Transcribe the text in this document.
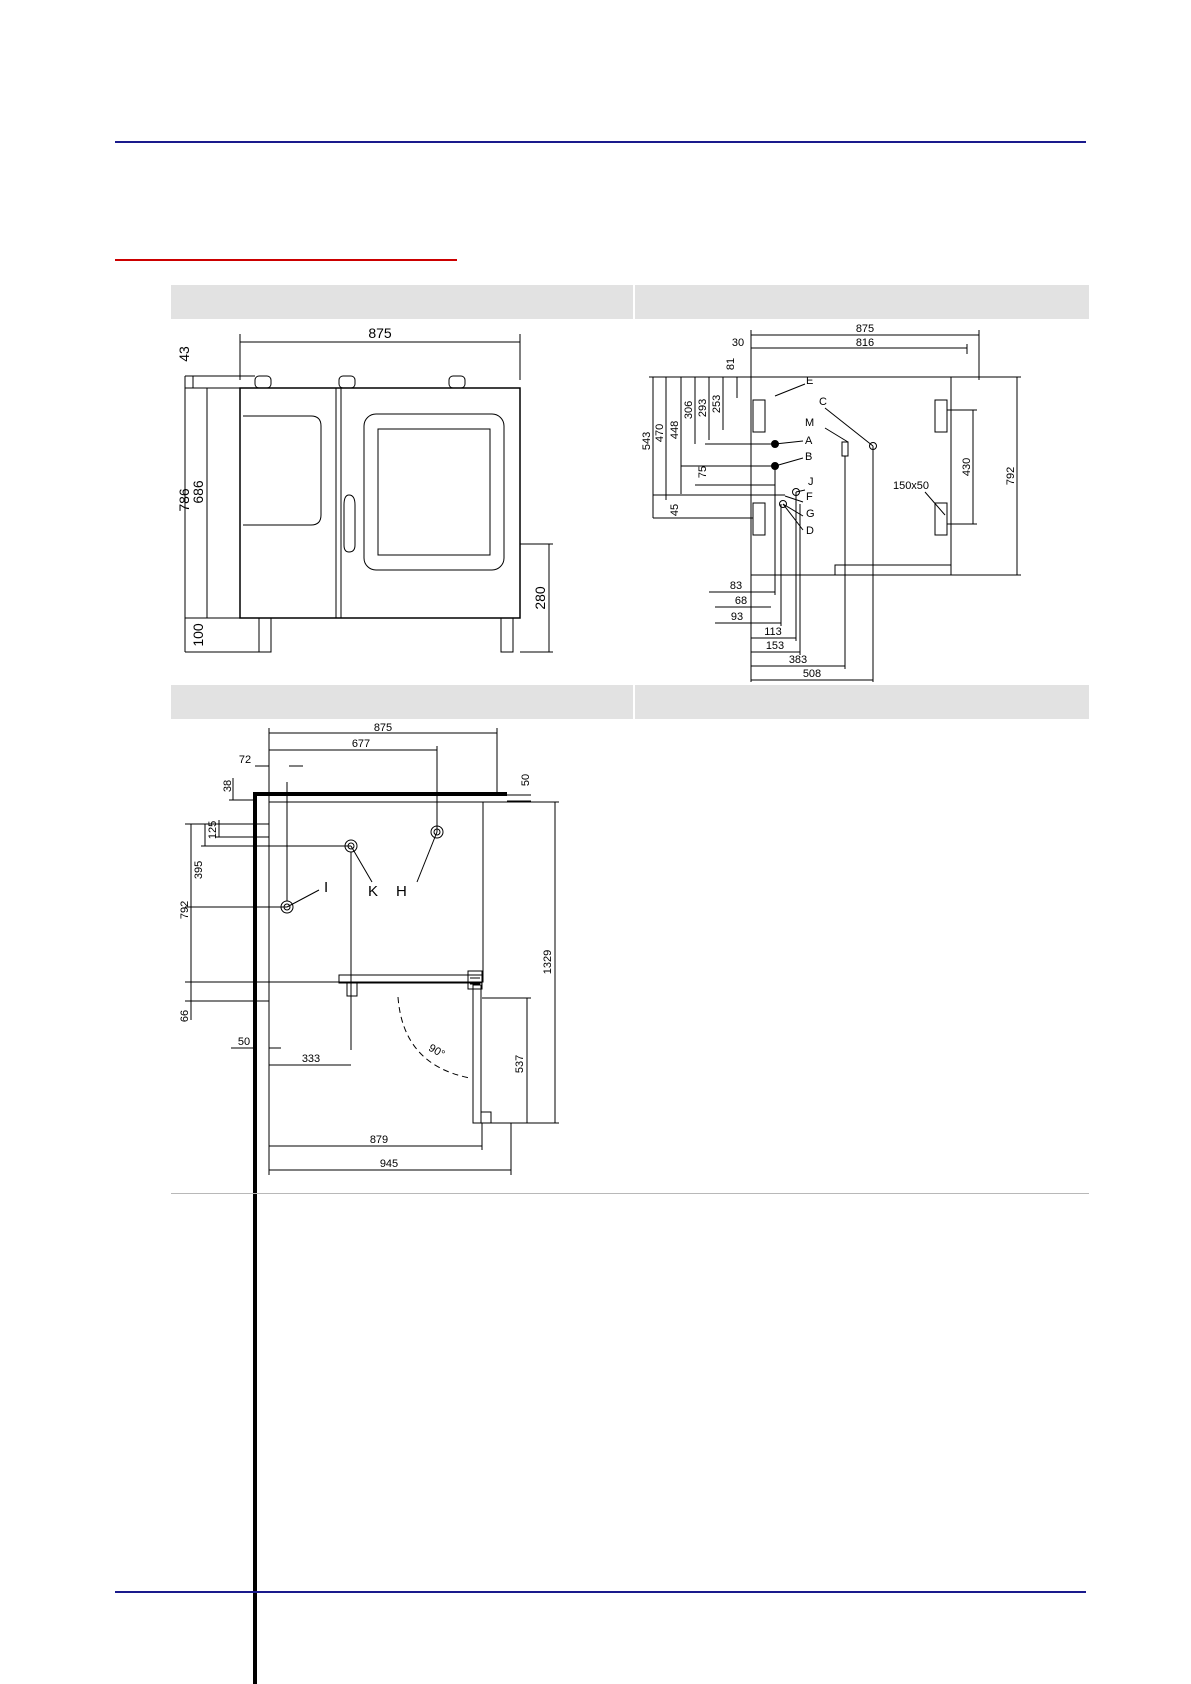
875
43
786
686
100
280
875
816
30
81
543 470 448
306 293 253
75
45
792
430
150x50
E
C
M
A
B
J
F
G
D
83
68
93
113
153
383
508
875
677
72
38	50
125
395
792
66
1329
537
50
333	90°
879
945
I	K H
